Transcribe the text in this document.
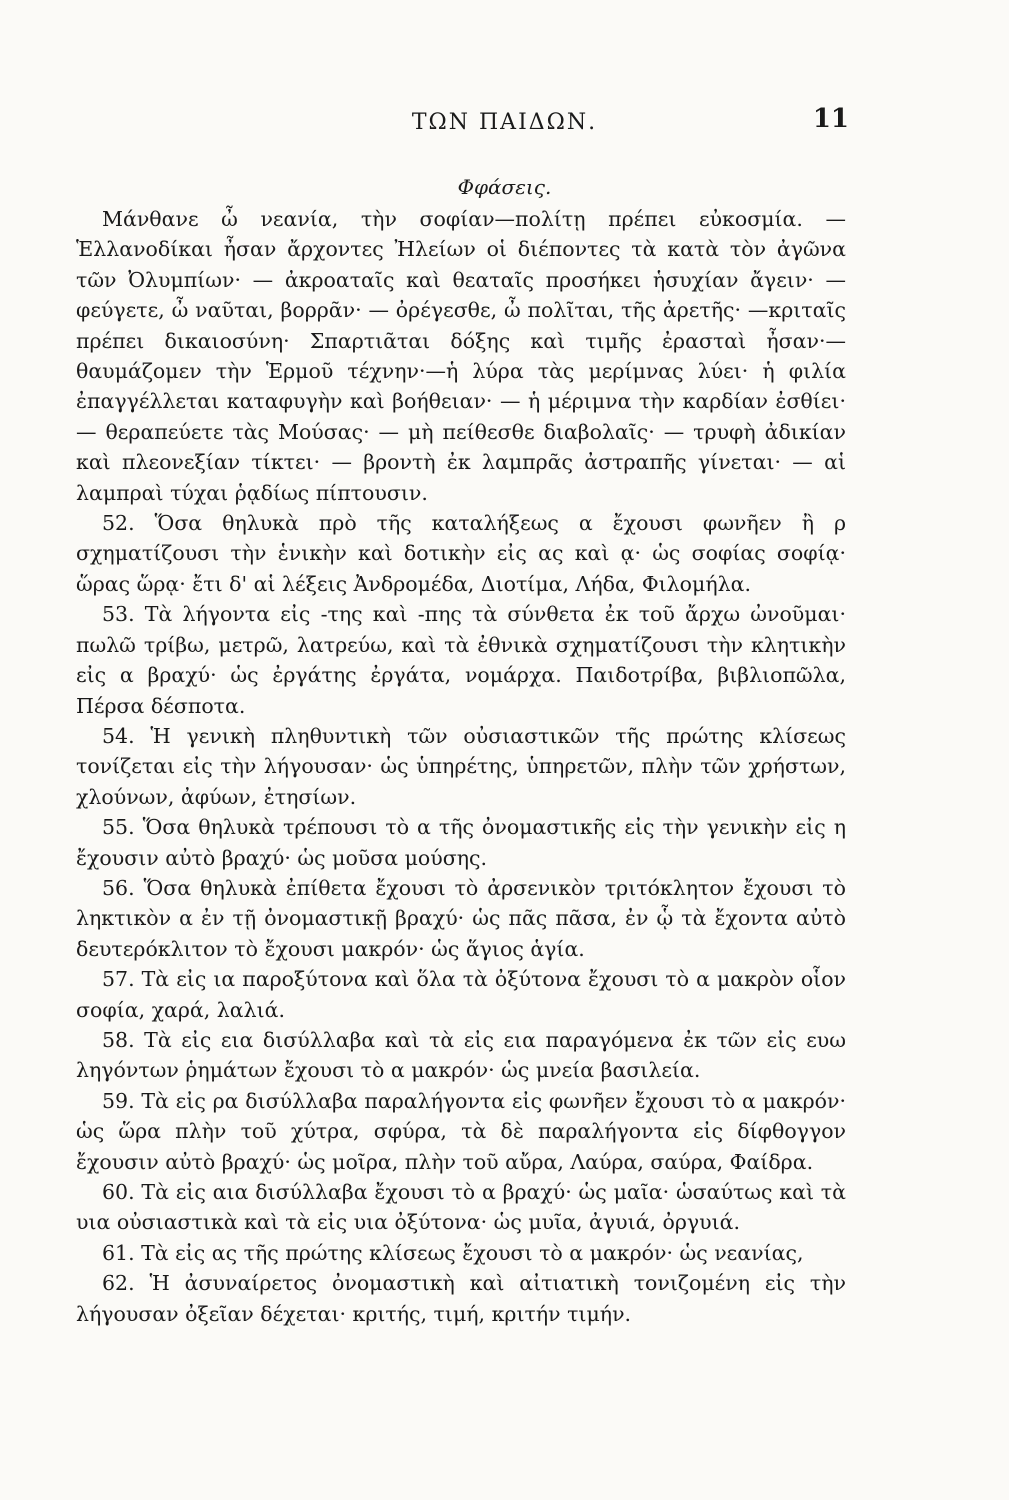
ΤΩΝ ΠΑΙΔΩΝ.	11
Φφάσεις.

Μάνθανε ὦ νεανία, τὴν σοφίαν—πολίτῃ πρέπει εὐκοσμία. —Ἑλλανοδίκαι ἦσαν ἄρχοντες Ἠλείων οἱ διέποντες τὰ κατὰ τὸν ἀγῶνα τῶν Ὀλυμπίων· — ἀκροαταῖς καὶ θεαταῖς προσήκει ἡσυχίαν ἄγειν· —φεύγετε, ὦ ναῦται, βορρᾶν· — ὀρέγεσθε, ὦ πολῖται, τῆς ἀρετῆς· —κριταῖς πρέπει δικαιοσύνη· Σπαρτιᾶται δόξης καὶ τιμῆς ἐρασταὶ ἦσαν·—θαυμάζομεν τὴν Ἑρμοῦ τέχνην·—ἡ λύρα τὰς μερίμνας λύει· ἡ φιλία ἐπαγγέλλεται καταφυγὴν καὶ βοήθειαν· — ἡ μέριμνα τὴν καρδίαν ἐσθίει· — θεραπεύετε τὰς Μούσας· — μὴ πείθεσθε διαβολαῖς· — τρυφὴ ἀδικίαν καὶ πλεονεξίαν τίκτει· — βροντὴ ἐκ λαμπρᾶς ἀστραπῆς γίνεται· — αἱ λαμπραὶ τύχαι ῥᾳδίως πίπτουσιν.

52. Ὅσα θηλυκὰ πρὸ τῆς καταλήξεως α ἔχουσι φωνῆεν ἢ ρ σχηματίζουσι τὴν ἑνικὴν καὶ δοτικὴν εἰς ας καὶ ᾳ· ὡς σοφίας σοφίᾳ· ὥρας ὥρᾳ· ἔτι δ' αἱ λέξεις Ἀνδρομέδα, Διοτίμα, Λήδα, Φιλομήλα.

53. Τὰ λήγοντα εἰς -της καὶ -πης τὰ σύνθετα ἐκ τοῦ ἄρχω ὠνοῦμαι· πωλῶ τρίβω, μετρῶ, λατρεύω, καὶ τὰ ἐθνικὰ σχηματίζουσι τὴν κλητικὴν εἰς α βραχύ· ὡς ἐργάτης ἐργάτα, νομάρχα. Παιδοτρίβα, βιβλιοπῶλα, Πέρσα δέσποτα.

54. Ἡ γενικὴ πληθυντικὴ τῶν οὐσιαστικῶν τῆς πρώτης κλίσεως τονίζεται εἰς τὴν λήγουσαν· ὡς ὑπηρέτης, ὑπηρετῶν, πλὴν τῶν χρήστων, χλούνων, ἀφύων, ἐτησίων.

55. Ὅσα θηλυκὰ τρέπουσι τὸ α τῆς ὀνομαστικῆς εἰς τὴν γενικὴν εἰς η ἔχουσιν αὐτὸ βραχύ· ὡς μοῦσα μούσης.

56. Ὅσα θηλυκὰ ἐπίθετα ἔχουσι τὸ ἀρσενικὸν τριτόκλητον ἔχουσι τὸ ληκτικὸν α ἐν τῇ ὀνομαστικῇ βραχύ· ὡς πᾶς πᾶσα, ἐν ᾧ τὰ ἔχοντα αὐτὸ δευτερόκλιτον τὸ ἔχουσι μακρόν· ὡς ἅγιος ἁγία.

57. Τὰ εἰς ια παροξύτονα καὶ ὅλα τὰ ὀξύτονα ἔχουσι τὸ α μακρὸν οἷον σοφία, χαρά, λαλιά.

58. Τὰ εἰς εια δισύλλαβα καὶ τὰ εἰς εια παραγόμενα ἐκ τῶν εἰς ευω ληγόντων ῥημάτων ἔχουσι τὸ α μακρόν· ὡς μνεία βασιλεία.

59. Τὰ εἰς ρα δισύλλαβα παραλήγοντα εἰς φωνῆεν ἔχουσι τὸ α μακρόν· ὡς ὥρα πλὴν τοῦ χύτρα, σφύρα, τὰ δὲ παραλήγοντα εἰς δίφθογγον ἔχουσιν αὐτὸ βραχύ· ὡς μοῖρα, πλὴν τοῦ αὔρα, Λαύρα, σαύρα, Φαίδρα.

60. Τὰ εἰς αια δισύλλαβα ἔχουσι τὸ α βραχύ· ὡς μαῖα· ὡσαύτως καὶ τὰ υια οὐσιαστικὰ καὶ τὰ εἰς υια ὀξύτονα· ὡς μυῖα, ἀγυιά, ὀργυιά.

61. Τὰ εἰς ας τῆς πρώτης κλίσεως ἔχουσι τὸ α μακρόν· ὡς νεανίας,

62. Ἡ ἀσυναίρετος ὀνομαστικὴ καὶ αἰτιατικὴ τονιζομένη εἰς τὴν λήγουσαν ὀξεῖαν δέχεται· κριτής, τιμή, κριτήν τιμήν.
